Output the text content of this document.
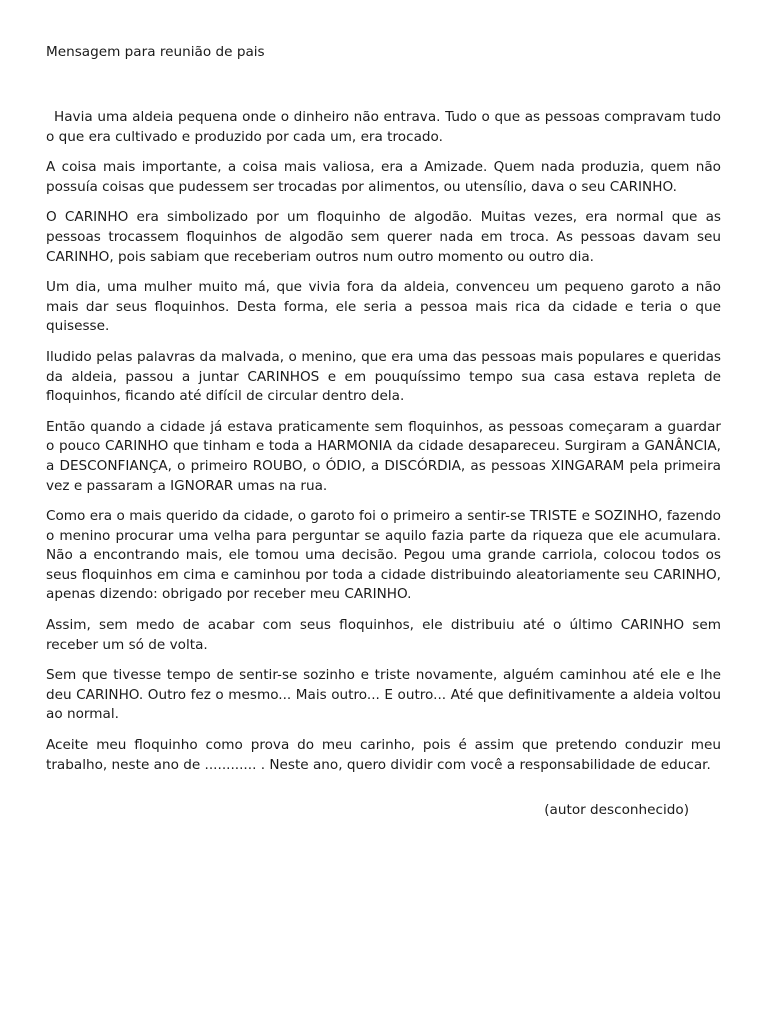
Mensagem para reunião de pais

Havia uma aldeia pequena onde o dinheiro não entrava. Tudo o que as pessoas compravam tudo o que era cultivado e produzido por cada um, era trocado.

A coisa mais importante, a coisa mais valiosa, era a Amizade. Quem nada produzia, quem não possuía coisas que pudessem ser trocadas por alimentos, ou utensílio, dava o seu CARINHO.

O CARINHO era simbolizado por um floquinho de algodão. Muitas vezes, era normal que as pessoas trocassem floquinhos de algodão sem querer nada em troca. As pessoas davam seu CARINHO, pois sabiam que receberiam outros num outro momento ou outro dia.

Um dia, uma mulher muito má, que vivia fora da aldeia, convenceu um pequeno garoto a não mais dar seus floquinhos. Desta forma, ele seria a pessoa mais rica da cidade e teria o que quisesse.

Iludido pelas palavras da malvada, o menino, que era uma das pessoas mais populares e queridas da aldeia, passou a juntar CARINHOS e em pouquíssimo tempo sua casa estava repleta de floquinhos, ficando até difícil de circular dentro dela.

Então quando a cidade já estava praticamente sem floquinhos, as pessoas começaram a guardar o pouco CARINHO que tinham e toda a HARMONIA da cidade desapareceu. Surgiram a GANÂNCIA, a DESCONFIANÇA, o primeiro ROUBO, o ÓDIO, a DISCÓRDIA, as pessoas XINGARAM pela primeira vez e passaram a IGNORAR umas na rua.

Como era o mais querido da cidade, o garoto foi o primeiro a sentir-se TRISTE e SOZINHO, fazendo o menino procurar uma velha para perguntar se aquilo fazia parte da riqueza que ele acumulara. Não a encontrando mais, ele tomou uma decisão. Pegou uma grande carriola, colocou todos os seus floquinhos em cima e caminhou por toda a cidade distribuindo aleatoriamente seu CARINHO, apenas dizendo: obrigado por receber meu CARINHO.

Assim, sem medo de acabar com seus floquinhos, ele distribuiu até o último CARINHO sem receber um só de volta.

Sem que tivesse tempo de sentir-se sozinho e triste novamente, alguém caminhou até ele e lhe deu CARINHO. Outro fez o mesmo... Mais outro... E outro... Até que definitivamente a aldeia voltou ao normal.

Aceite meu floquinho como prova do meu carinho, pois é assim que pretendo conduzir meu trabalho, neste ano de ............ . Neste ano, quero dividir com você a responsabilidade de educar.

(autor desconhecido)
